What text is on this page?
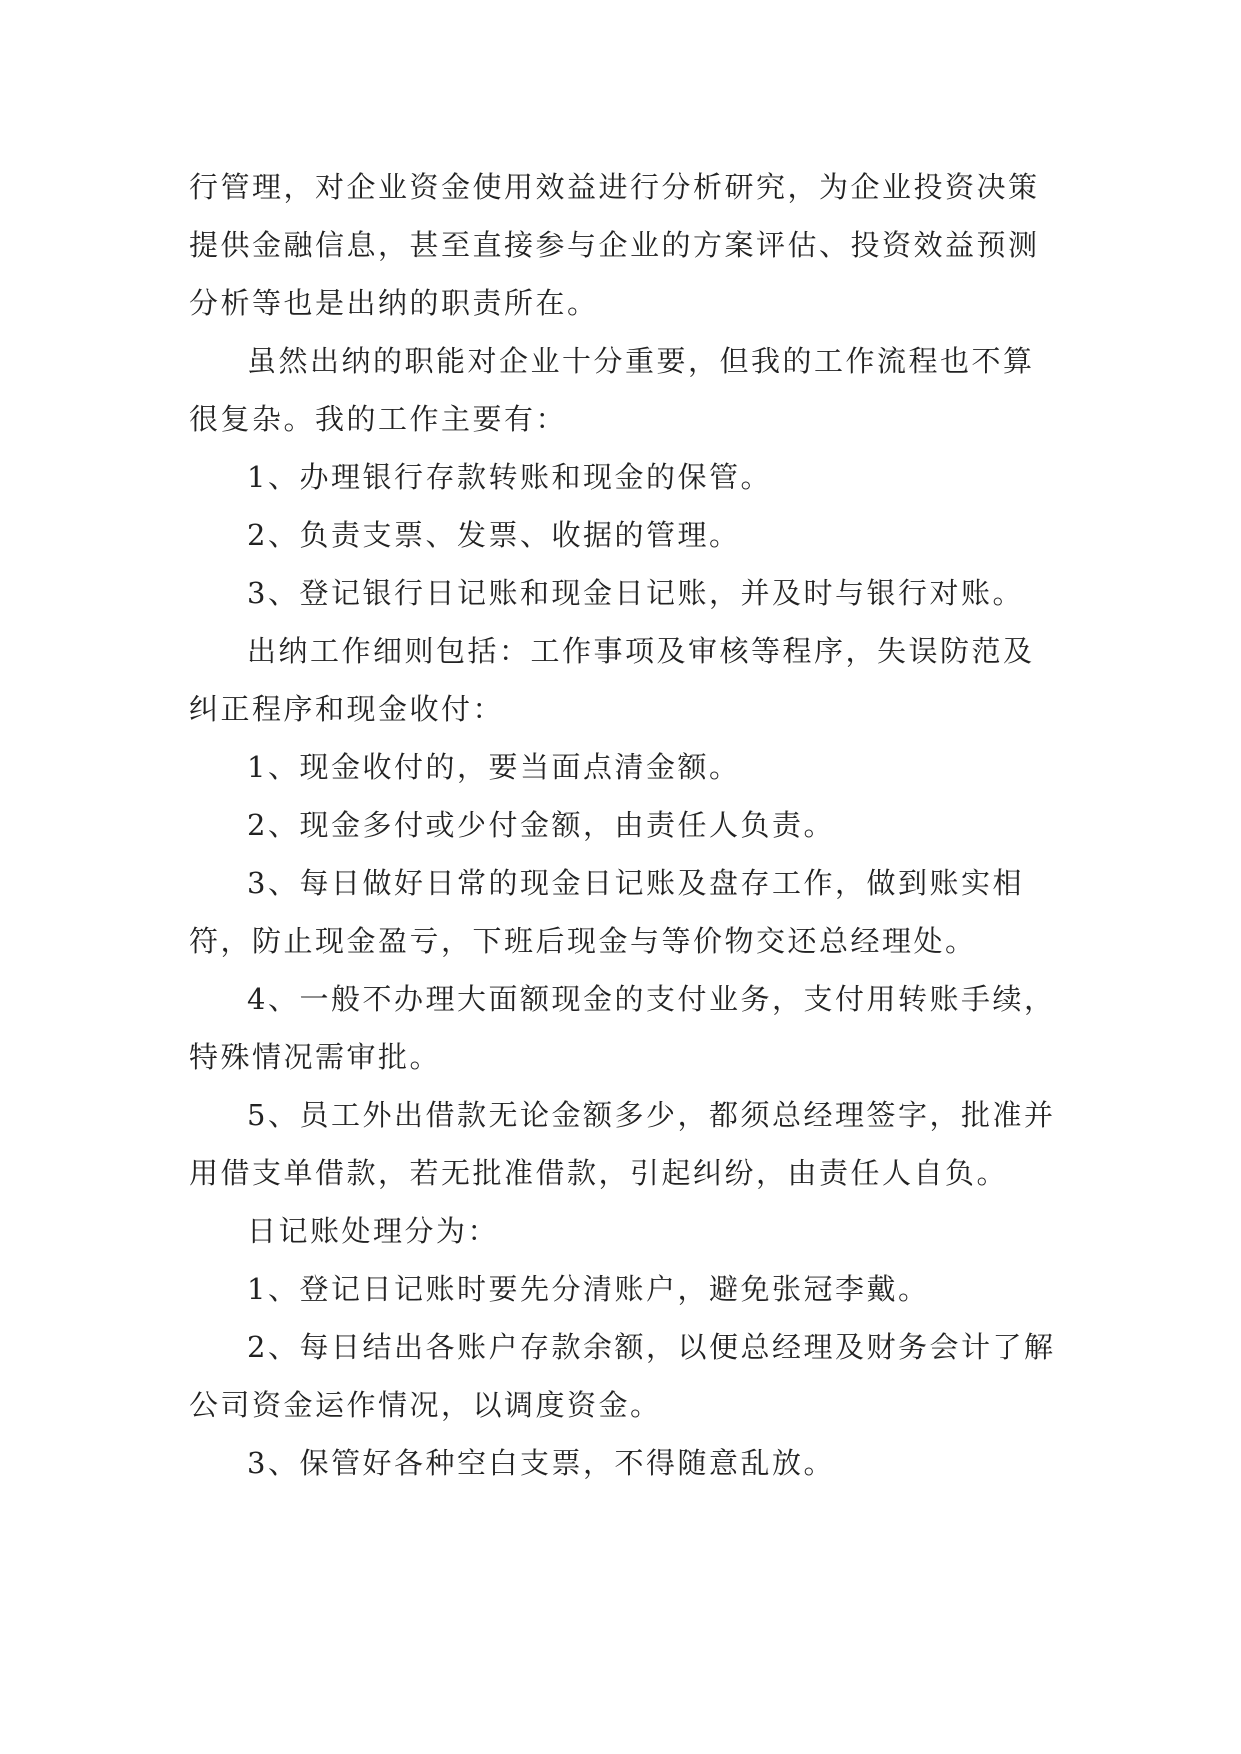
行管理，对企业资金使用效益进行分析研究，为企业投资决策提供金融信息，甚至直接参与企业的方案评估、投资效益预测分析等也是出纳的职责所在。

虽然出纳的职能对企业十分重要，但我的工作流程也不算很复杂。我的工作主要有：

1、办理银行存款转账和现金的保管。

2、负责支票、发票、收据的管理。

3、登记银行日记账和现金日记账，并及时与银行对账。

出纳工作细则包括：工作事项及审核等程序，失误防范及纠正程序和现金收付：

1、现金收付的，要当面点清金额。

2、现金多付或少付金额，由责任人负责。

3、每日做好日常的现金日记账及盘存工作，做到账实相符，防止现金盈亏，下班后现金与等价物交还总经理处。

4、一般不办理大面额现金的支付业务，支付用转账手续，特殊情况需审批。

5、员工外出借款无论金额多少，都须总经理签字，批准并用借支单借款，若无批准借款，引起纠纷，由责任人自负。

日记账处理分为：

1、登记日记账时要先分清账户，避免张冠李戴。

2、每日结出各账户存款余额，以便总经理及财务会计了解公司资金运作情况，以调度资金。

3、保管好各种空白支票，不得随意乱放。
